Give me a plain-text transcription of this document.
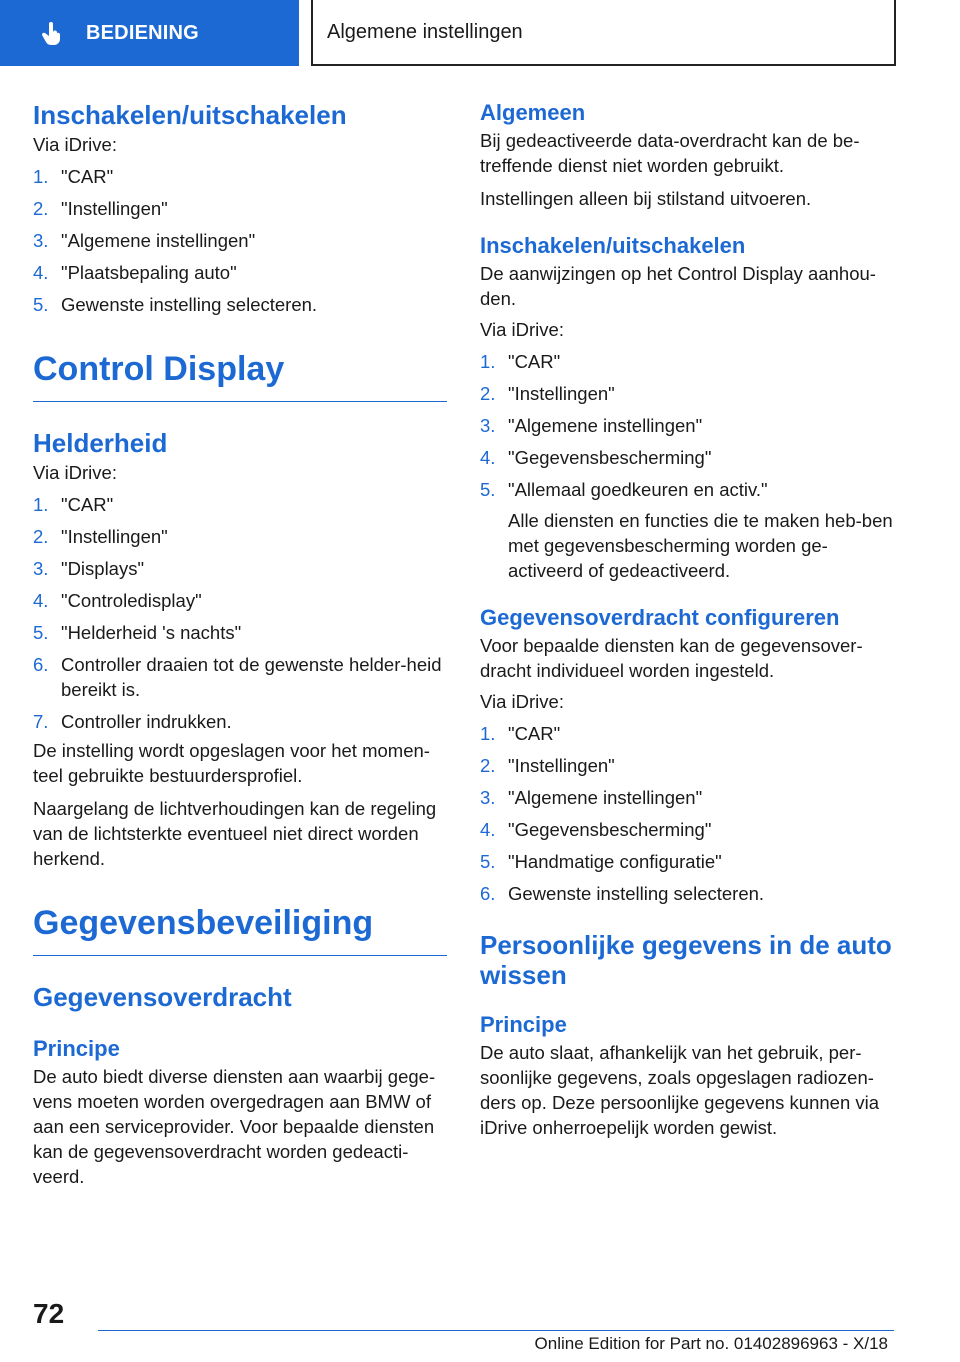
BEDIENING	Algemene instellingen
Inschakelen/uitschakelen

Via iDrive:

1. "CAR"
2. "Instellingen"
3. "Algemene instellingen"
4. "Plaatsbepaling auto"
5. Gewenste instelling selecteren.
Control Display
Helderheid

Via iDrive:

1. "CAR"
2. "Instellingen"
3. "Displays"
4. "Controledisplay"
5. "Helderheid 's nachts"
6. Controller draaien tot de gewenste helder‐heid bereikt is.
7. Controller indrukken.

De instelling wordt opgeslagen voor het momen‐teel gebruikte bestuurdersprofiel.

Naargelang de lichtverhoudingen kan de regeling van de lichtsterkte eventueel niet direct worden herkend.

Gegevensbeveiliging
Gegevensoverdracht
Principe

De auto biedt diverse diensten aan waarbij gege‐vens moeten worden overgedragen aan BMW of aan een serviceprovider. Voor bepaalde diensten kan de gegevensoverdracht worden gedeacti‐veerd.

Algemeen

Bij gedeactiveerde data-overdracht kan de be‐treffende dienst niet worden gebruikt.

Instellingen alleen bij stilstand uitvoeren.

Inschakelen/uitschakelen

De aanwijzingen op het Control Display aanhou‐den.

Via iDrive:

1. "CAR"
2. "Instellingen"
3. "Algemene instellingen"
4. "Gegevensbescherming"
5. "Allemaal goedkeuren en activ."
Alle diensten en functies die te maken heb‐ben met gegevensbescherming worden ge‐activeerd of gedeactiveerd.
Gegevensoverdracht configureren

Voor bepaalde diensten kan de gegevensover‐dracht individueel worden ingesteld.

Via iDrive:

1. "CAR"
2. "Instellingen"
3. "Algemene instellingen"
4. "Gegevensbescherming"
5. "Handmatige configuratie"
6. Gewenste instelling selecteren.
Persoonlijke gegevens in de auto wissen
Principe

De auto slaat, afhankelijk van het gebruik, per‐soonlijke gegevens, zoals opgeslagen radiozen‐ders op. Deze persoonlijke gegevens kunnen via iDrive onherroepelijk worden gewist.

72
Online Edition for Part no. 01402896963 - X/18
